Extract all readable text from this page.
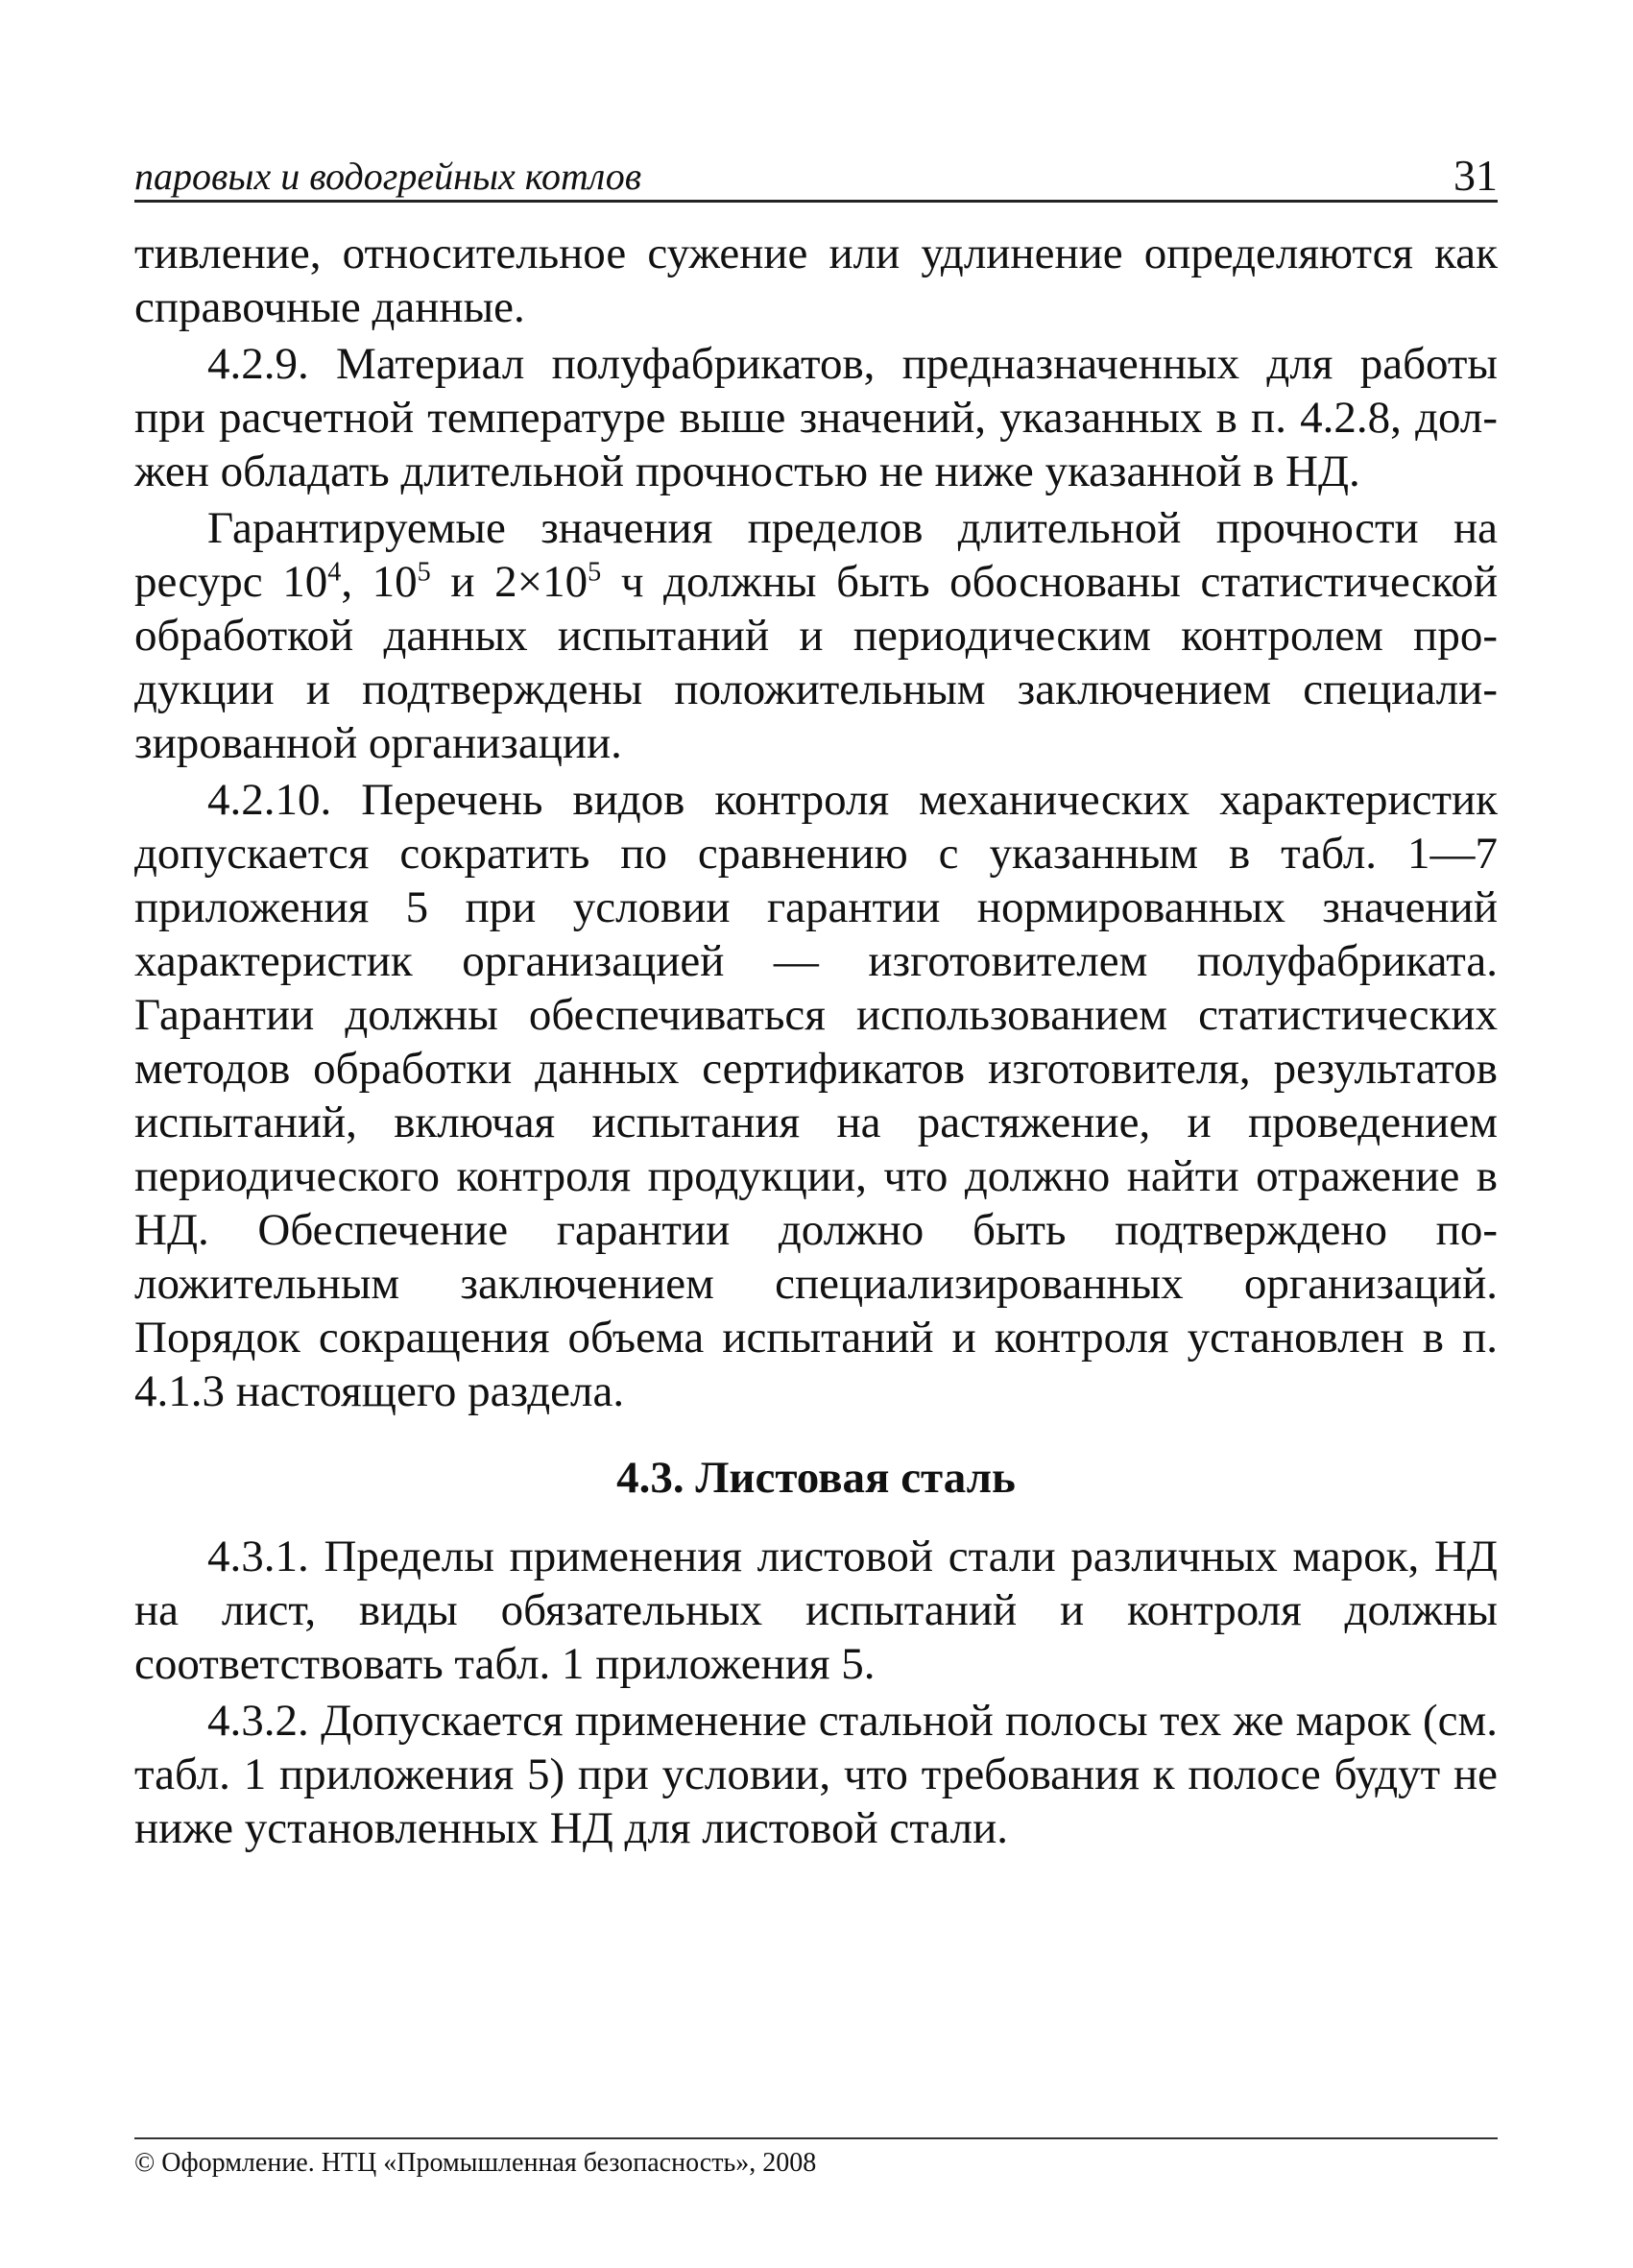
паровых и водогрейных котлов	31

тивление, относительное сужение или удлинение определяются как справочные данные.

4.2.9. Материал полуфабрикатов, предназначенных для работы при расчетной температуре выше значений, указанных в п. 4.2.8, должен обладать длительной прочностью не ниже указанной в НД.

Гарантируемые значения пределов длительной прочности на ресурс $10^4$, $10^5$ и $2\times 10^5$ ч должны быть обоснованы статистической обработкой данных испытаний и периодическим контролем продукции и подтверждены положительным заключением специализированной организации.

4.2.10. Перечень видов контроля механических характеристик допускается сократить по сравнению с указанным в табл. 1—7 приложения 5 при условии гарантии нормированных значений характеристик организацией — изготовителем полуфабриката. Гарантии должны обеспечиваться использованием статистических методов обработки данных сертификатов изготовителя, результатов испытаний, включая испытания на растяжение, и проведением периодического контроля продукции, что должно найти отражение в НД. Обеспечение гарантии должно быть подтверждено положительным заключением специализированных организаций. Порядок сокращения объема испытаний и контроля установлен в п. 4.1.3 настоящего раздела.

4.3. Листовая сталь

4.3.1. Пределы применения листовой стали различных марок, НД на лист, виды обязательных испытаний и контроля должны соответствовать табл. 1 приложения 5.

4.3.2. Допускается применение стальной полосы тех же марок (см. табл. 1 приложения 5) при условии, что требования к полосе будут не ниже установленных НД для листовой стали.

© Оформление. НТЦ «Промышленная безопасность», 2008
